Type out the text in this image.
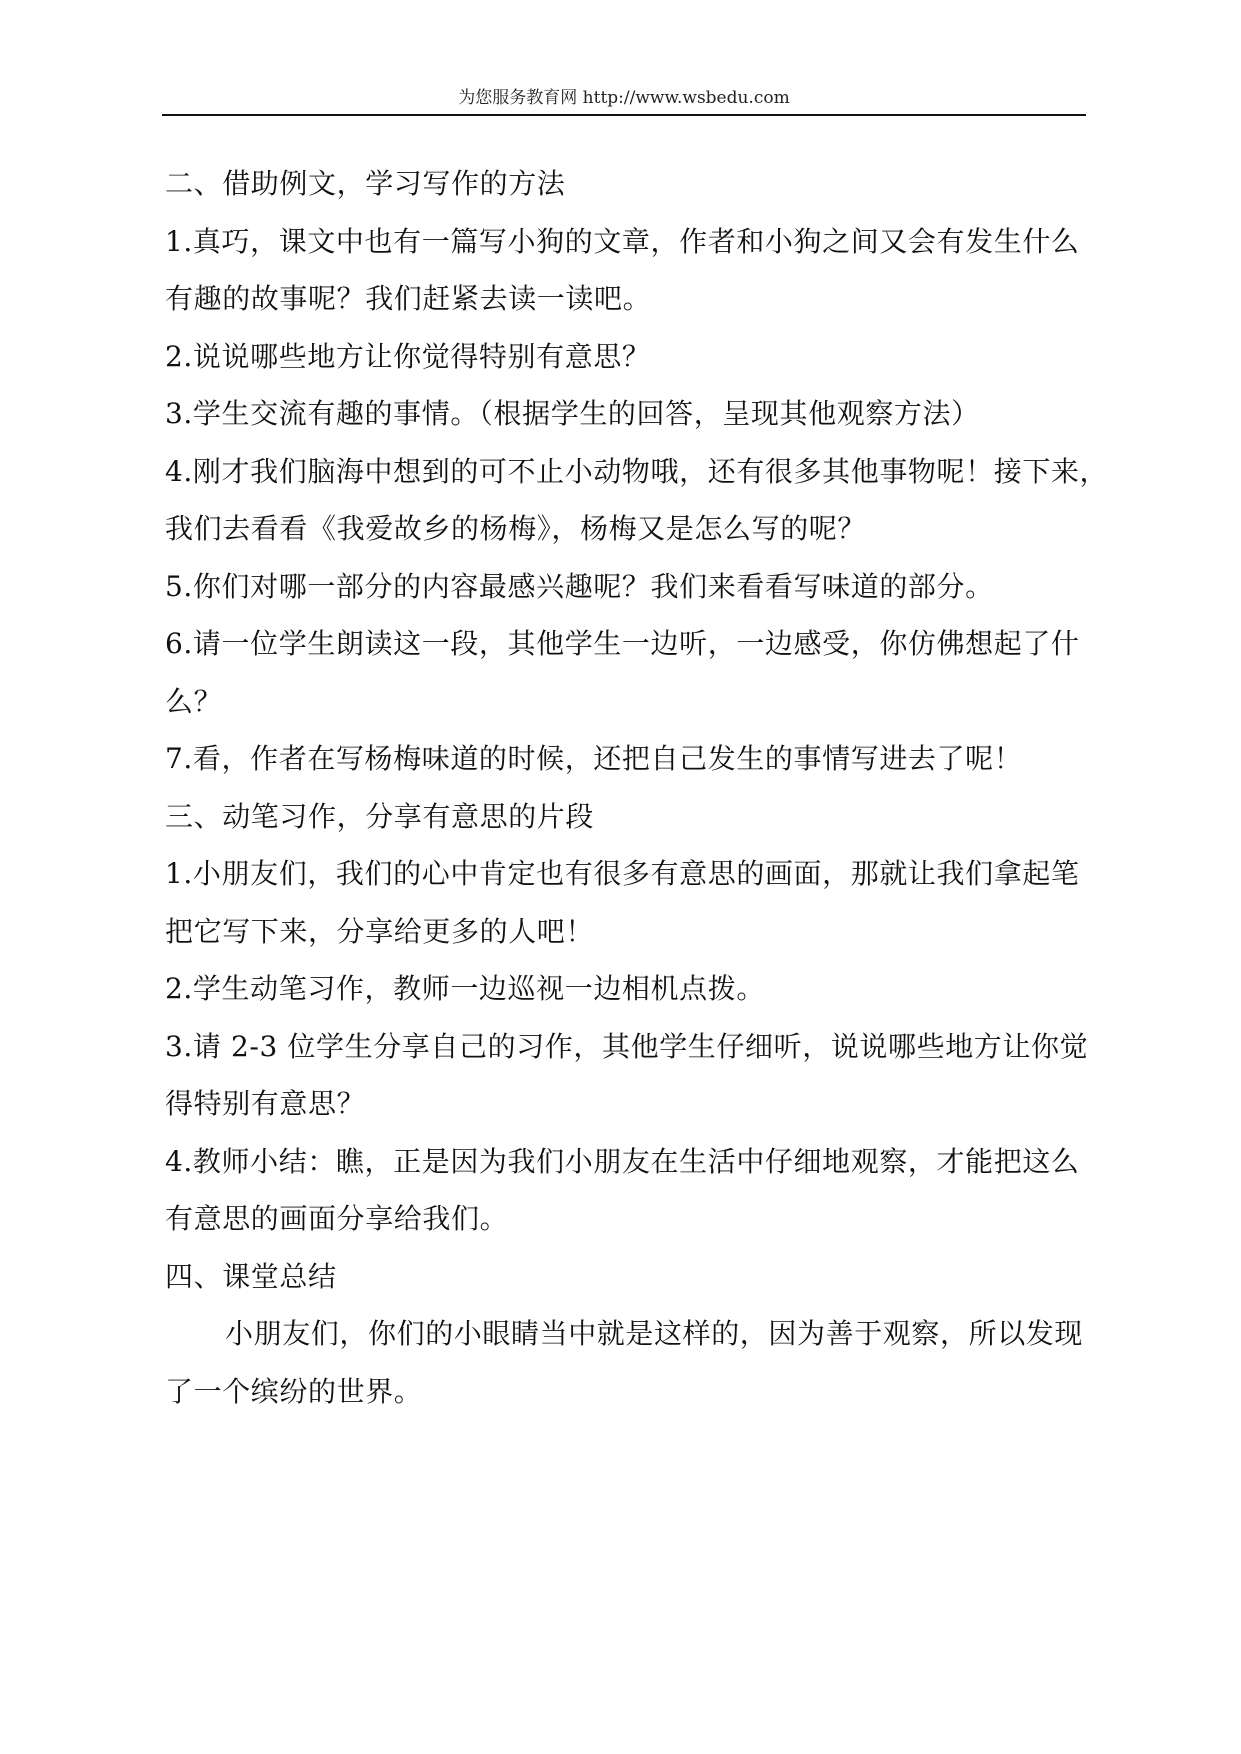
为您服务教育网 http://www.wsbedu.com
二、借助例文，学习写作的方法
1.真巧，课文中也有一篇写小狗的文章，作者和小狗之间又会有发生什么
有趣的故事呢？我们赶紧去读一读吧。
2.说说哪些地方让你觉得特别有意思？
3.学生交流有趣的事情。（根据学生的回答，呈现其他观察方法）
4.刚才我们脑海中想到的可不止小动物哦，还有很多其他事物呢！接下来，
我们去看看《我爱故乡的杨梅》，杨梅又是怎么写的呢？
5.你们对哪一部分的内容最感兴趣呢？我们来看看写味道的部分。
6.请一位学生朗读这一段，其他学生一边听，一边感受，你仿佛想起了什
么？
7.看，作者在写杨梅味道的时候，还把自己发生的事情写进去了呢！
三、动笔习作，分享有意思的片段
1.小朋友们，我们的心中肯定也有很多有意思的画面，那就让我们拿起笔
把它写下来，分享给更多的人吧！
2.学生动笔习作，教师一边巡视一边相机点拨。
3.请 2-3 位学生分享自己的习作，其他学生仔细听，说说哪些地方让你觉
得特别有意思？
4.教师小结：瞧，正是因为我们小朋友在生活中仔细地观察，才能把这么
有意思的画面分享给我们。
四、课堂总结
小朋友们，你们的小眼睛当中就是这样的，因为善于观察，所以发现
了一个缤纷的世界。
